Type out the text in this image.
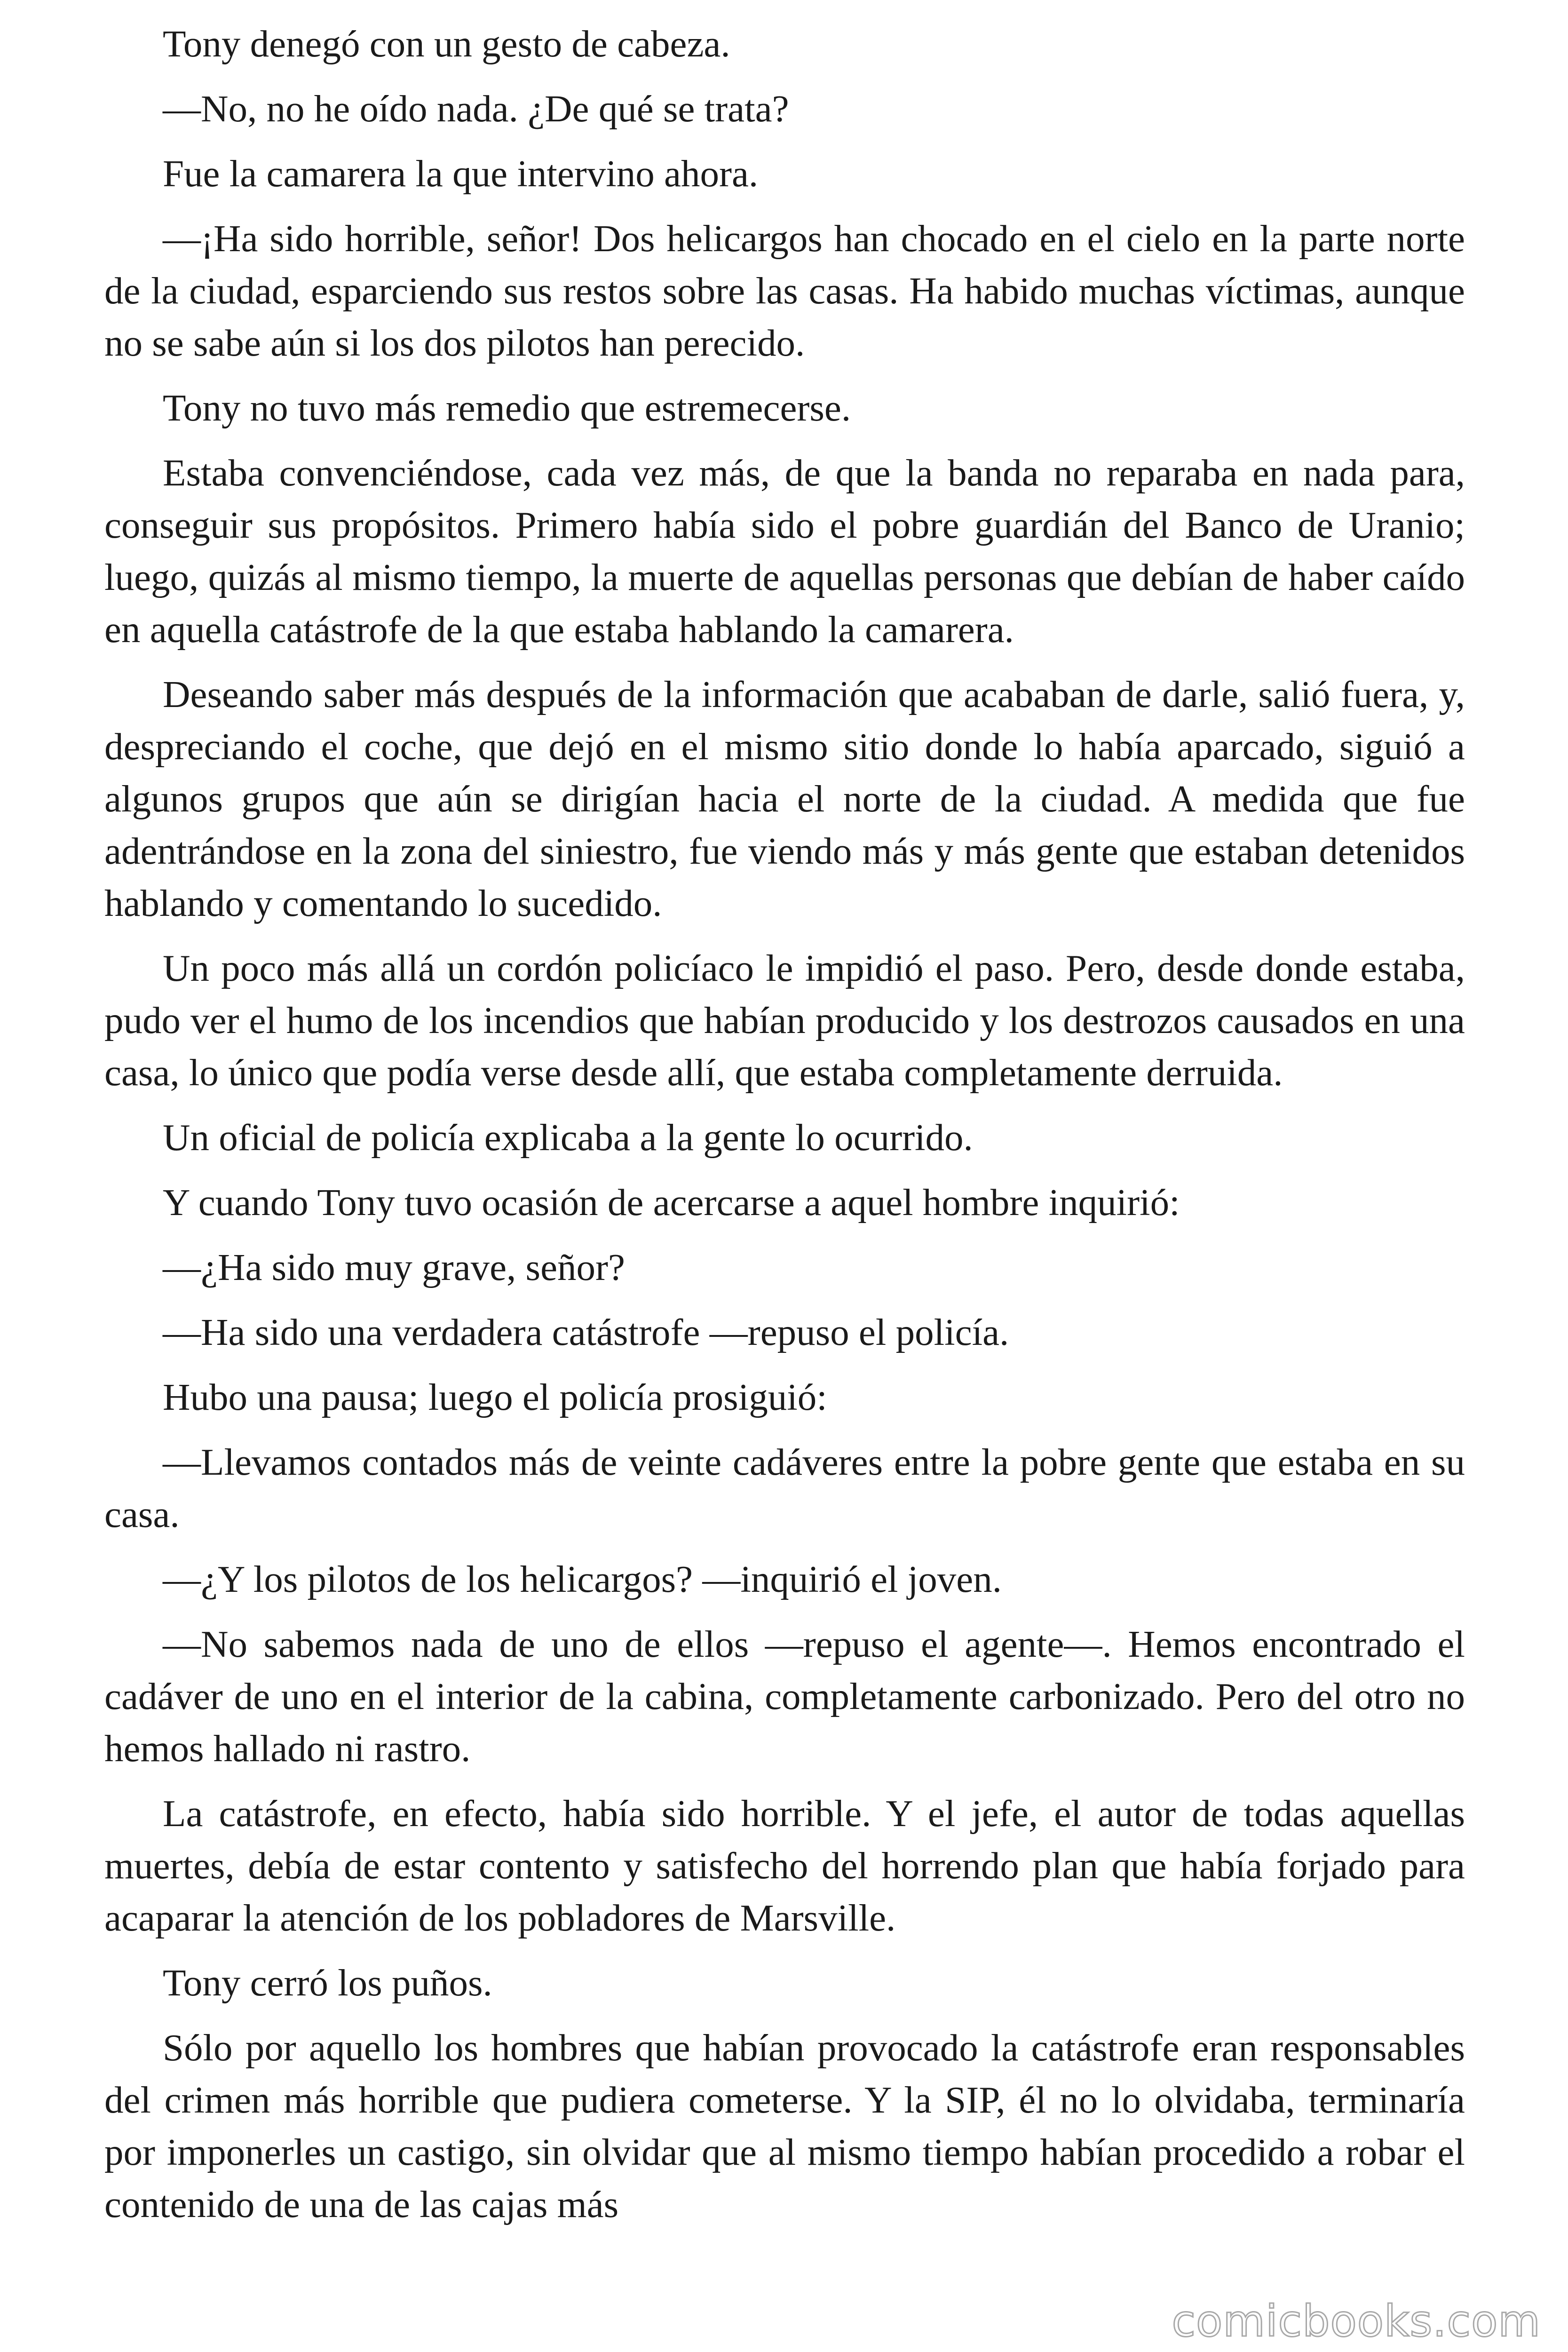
Tony denegó con un gesto de cabeza.

—No, no he oído nada. ¿De qué se trata?

Fue la camarera la que intervino ahora.

—¡Ha sido horrible, señor! Dos helicargos han chocado en el cielo en la parte norte de la ciudad, esparciendo sus restos sobre las casas. Ha habido muchas víctimas, aunque no se sabe aún si los dos pilotos han perecido.

Tony no tuvo más remedio que estremecerse.

Estaba convenciéndose, cada vez más, de que la banda no reparaba en nada para, conseguir sus propósitos. Primero había sido el pobre guardián del Banco de Uranio; luego, quizás al mismo tiempo, la muerte de aquellas personas que debían de haber caído en aquella catástrofe de la que estaba hablando la camarera.

Deseando saber más después de la información que acababan de darle, salió fuera, y, despreciando el coche, que dejó en el mismo sitio donde lo había aparcado, siguió a algunos grupos que aún se dirigían hacia el norte de la ciudad. A medida que fue adentrándose en la zona del siniestro, fue viendo más y más gente que estaban detenidos hablando y comentando lo sucedido.

Un poco más allá un cordón policíaco le impidió el paso. Pero, desde donde estaba, pudo ver el humo de los incendios que habían producido y los destrozos causados en una casa, lo único que podía verse desde allí, que estaba completamente derruida.

Un oficial de policía explicaba a la gente lo ocurrido.

Y cuando Tony tuvo ocasión de acercarse a aquel hombre inquirió:

—¿Ha sido muy grave, señor?

—Ha sido una verdadera catástrofe —repuso el policía.

Hubo una pausa; luego el policía prosiguió:

—Llevamos contados más de veinte cadáveres entre la pobre gente que estaba en su casa.

—¿Y los pilotos de los helicargos? —inquirió el joven.

—No sabemos nada de uno de ellos —repuso el agente—. Hemos encontrado el cadáver de uno en el interior de la cabina, completamente carbonizado. Pero del otro no hemos hallado ni rastro.

La catástrofe, en efecto, había sido horrible. Y el jefe, el autor de todas aquellas muertes, debía de estar contento y satisfecho del horrendo plan que había forjado para acaparar la atención de los pobladores de Marsville.

Tony cerró los puños.

Sólo por aquello los hombres que habían provocado la catástrofe eran responsables del crimen más horrible que pudiera cometerse. Y la SIP, él no lo olvidaba, terminaría por imponerles un castigo, sin olvidar que al mismo tiempo habían procedido a robar el contenido de una de las cajas más

comicbooks.com
